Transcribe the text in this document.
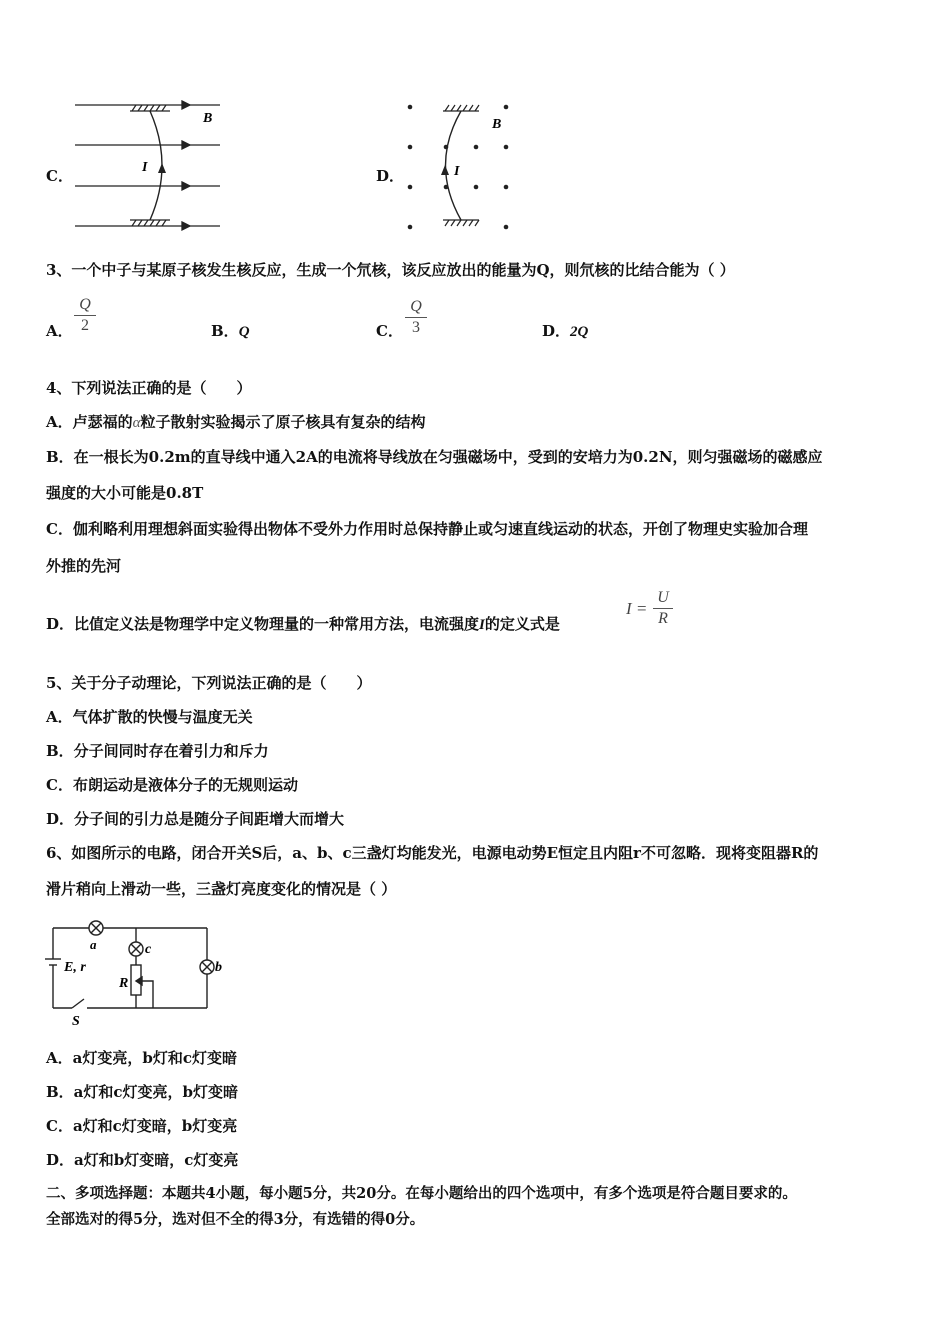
C．	I
B
D．	I
B
3、一个中子与某原子核发生核反应，生成一个氘核，该反应放出的能量为Q，则氘核的比结合能为（ ）
A．
Q
2	B．Q	C．
Q
3	D．2Q
4、下列说法正确的是（　　）
A．卢瑟福的α粒子散射实验揭示了原子核具有复杂的结构
B．在一根长为0.2m的直导线中通入2A的电流将导线放在匀强磁场中，受到的安培力为0.2N，则匀强磁场的磁感应
强度的大小可能是0.8T
C．伽利略利用理想斜面实验得出物体不受外力作用时总保持静止或匀速直线运动的状态，开创了物理史实验加合理
外推的先河
D．比值定义法是物理学中定义物理量的一种常用方法，电流强度I的定义式是
I =
U
R
5、关于分子动理论，下列说法正确的是（　　）
A．气体扩散的快慢与温度无关
B．分子间同时存在着引力和斥力
C．布朗运动是液体分子的无规则运动
D．分子间的引力总是随分子间距增大而增大
6、如图所示的电路，闭合开关S后，a、b、c三盏灯均能发光，电源电动势E恒定且内阻r不可忽略．现将变阻器R的
滑片稍向上滑动一些，三盏灯亮度变化的情况是（ ）
a	c
b
E, r
R
S
A．a灯变亮，b灯和c灯变暗
B．a灯和c灯变亮，b灯变暗
C．a灯和c灯变暗，b灯变亮
D．a灯和b灯变暗，c灯变亮
二、多项选择题：本题共4小题，每小题5分，共20分。在每小题给出的四个选项中，有多个选项是符合题目要求的。
全部选对的得5分，选对但不全的得3分，有选错的得0分。
